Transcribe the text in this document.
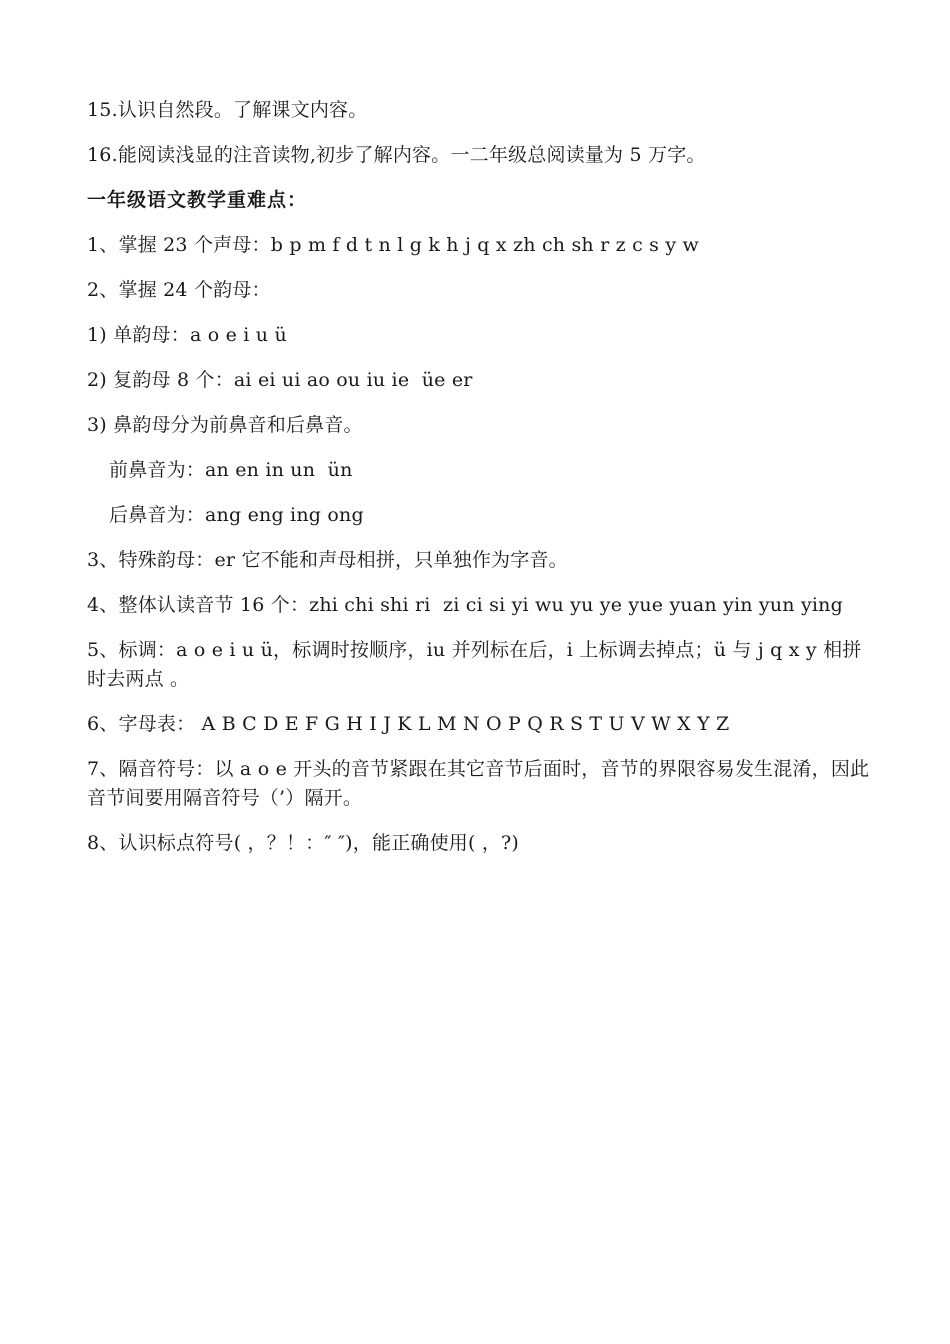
15.认识自然段。了解课文内容。

16.能阅读浅显的注音读物,初步了解内容。一二年级总阅读量为 5 万字。

一年级语文教学重难点：

1、掌握 23 个声母：b p m f d t n l g k h j q x zh ch sh r z c s y w

2、掌握 24 个韵母：

1) 单韵母：a o e i u ü

2) 复韵母 8 个：ai ei ui ao ou iu ie  üe er

3) 鼻韵母分为前鼻音和后鼻音。

前鼻音为：an en in un  ün

后鼻音为：ang eng ing ong

3、特殊韵母：er 它不能和声母相拼，只单独作为字音。

4、整体认读音节 16 个：zhi chi shi ri  zi ci si yi wu yu ye yue yuan yin yun ying

5、标调：a o e i u ü，标调时按顺序，iu 并列标在后，i 上标调去掉点；ü 与 j q x y 相拼时去两点 。

6、字母表： A B C D E F G H I J K L M N O P Q R S T U V W X Y Z

7、隔音符号：以 a o e 开头的音节紧跟在其它音节后面时，音节的界限容易发生混淆，因此音节间要用隔音符号（’）隔开。

8、认识标点符号( ，？！：″ ″)，能正确使用( ，?)
